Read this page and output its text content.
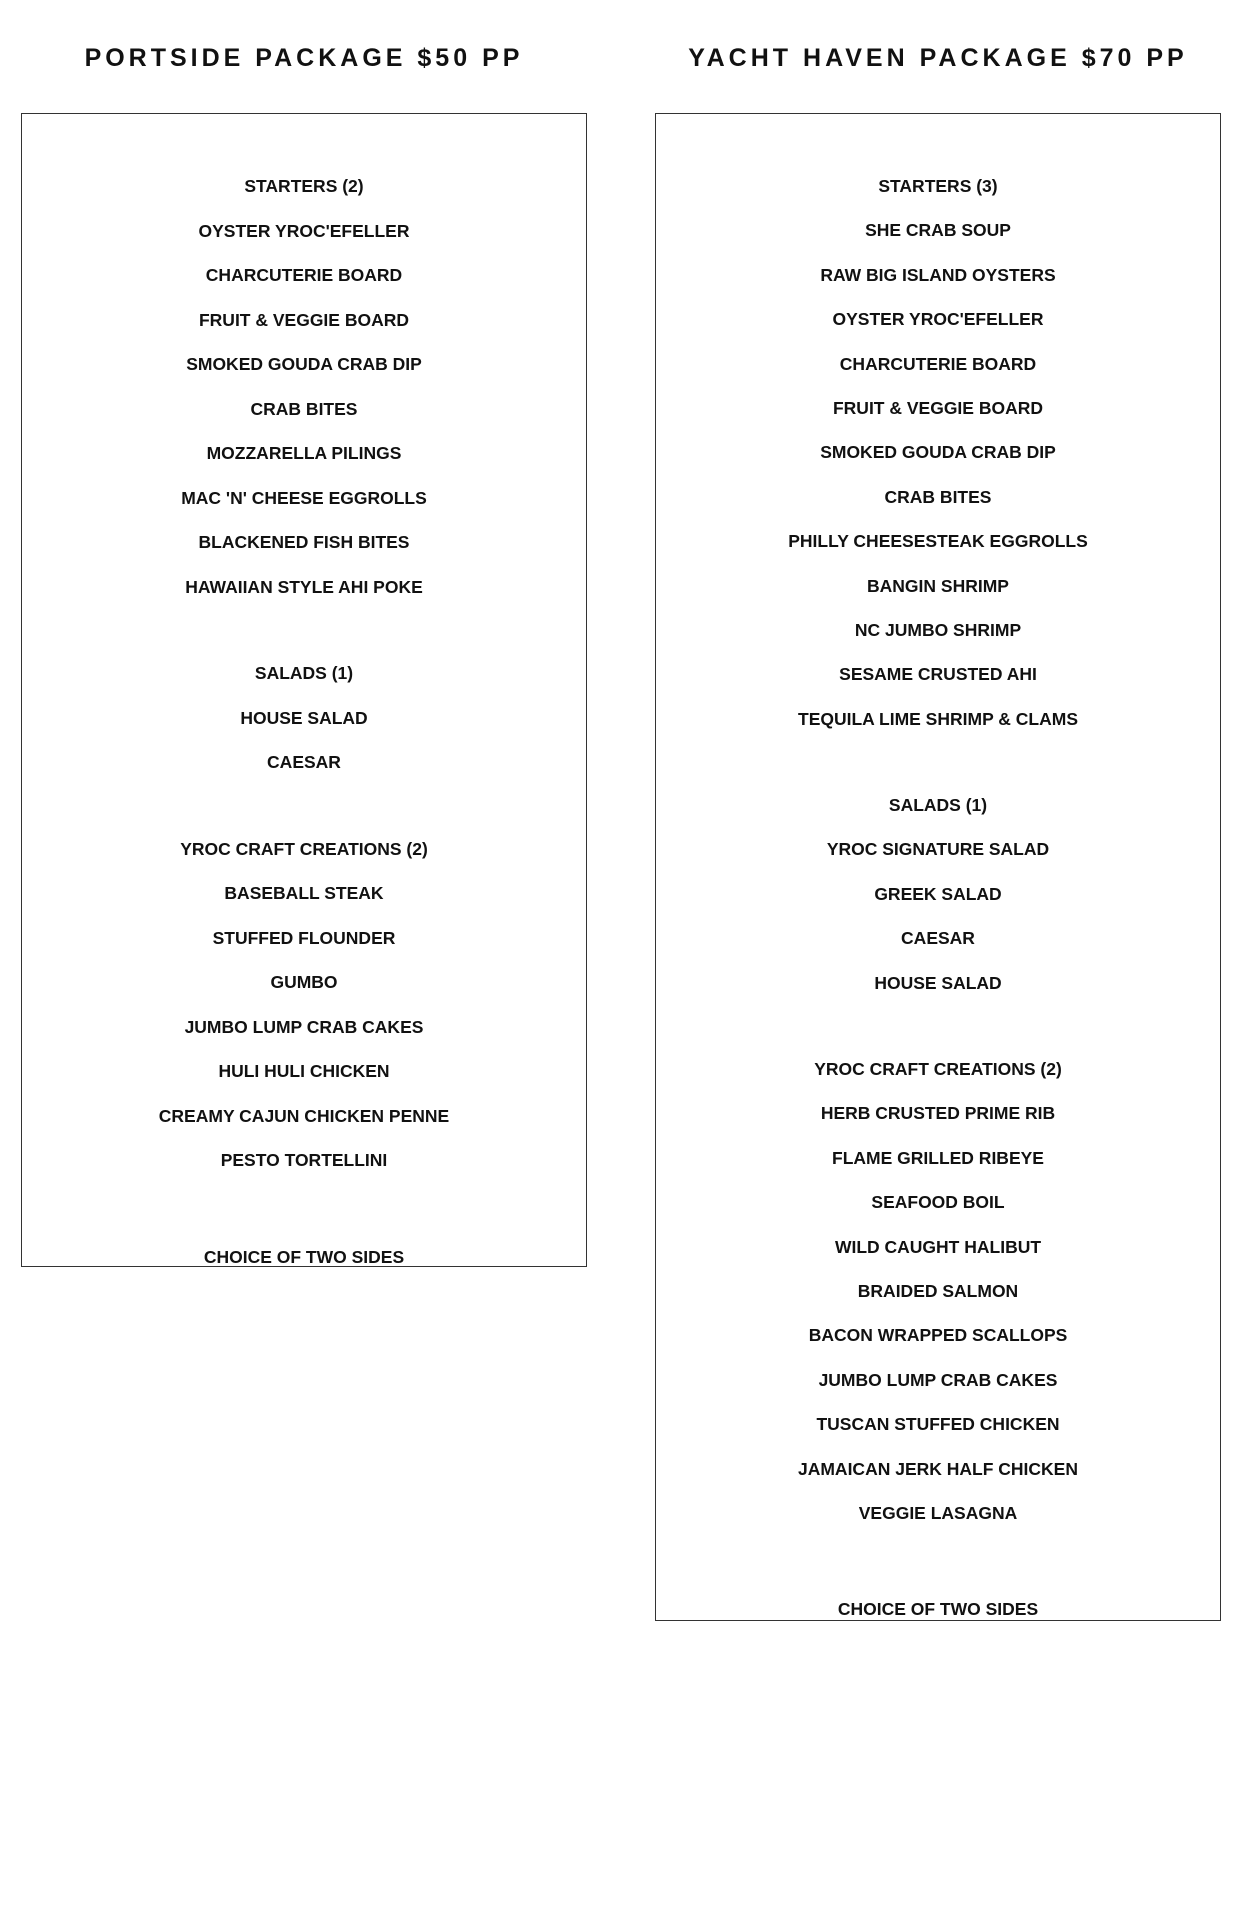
PORTSIDE PACKAGE $50 PP
STARTERS (2)
OYSTER YROC'EFELLER
CHARCUTERIE BOARD
FRUIT & VEGGIE BOARD
SMOKED GOUDA CRAB DIP
CRAB BITES
MOZZARELLA PILINGS
MAC 'N' CHEESE EGGROLLS
BLACKENED FISH BITES
HAWAIIAN STYLE AHI POKE
SALADS (1)
HOUSE SALAD
CAESAR
YROC CRAFT CREATIONS (2)
BASEBALL STEAK
STUFFED FLOUNDER
GUMBO
JUMBO LUMP CRAB CAKES
HULI HULI CHICKEN
CREAMY CAJUN CHICKEN PENNE
PESTO TORTELLINI
CHOICE OF TWO SIDES
YACHT HAVEN PACKAGE $70 PP
STARTERS (3)
SHE CRAB SOUP
RAW BIG ISLAND OYSTERS
OYSTER YROC'EFELLER
CHARCUTERIE BOARD
FRUIT & VEGGIE BOARD
SMOKED GOUDA CRAB DIP
CRAB BITES
PHILLY CHEESESTEAK EGGROLLS
BANGIN SHRIMP
NC JUMBO SHRIMP
SESAME CRUSTED AHI
TEQUILA LIME SHRIMP & CLAMS
SALADS (1)
YROC SIGNATURE SALAD
GREEK SALAD
CAESAR
HOUSE SALAD
YROC CRAFT CREATIONS (2)
HERB CRUSTED PRIME RIB
FLAME GRILLED RIBEYE
SEAFOOD BOIL
WILD CAUGHT HALIBUT
BRAIDED SALMON
BACON WRAPPED SCALLOPS
JUMBO LUMP CRAB CAKES
TUSCAN STUFFED CHICKEN
JAMAICAN JERK HALF CHICKEN
VEGGIE LASAGNA
CHOICE OF TWO SIDES
